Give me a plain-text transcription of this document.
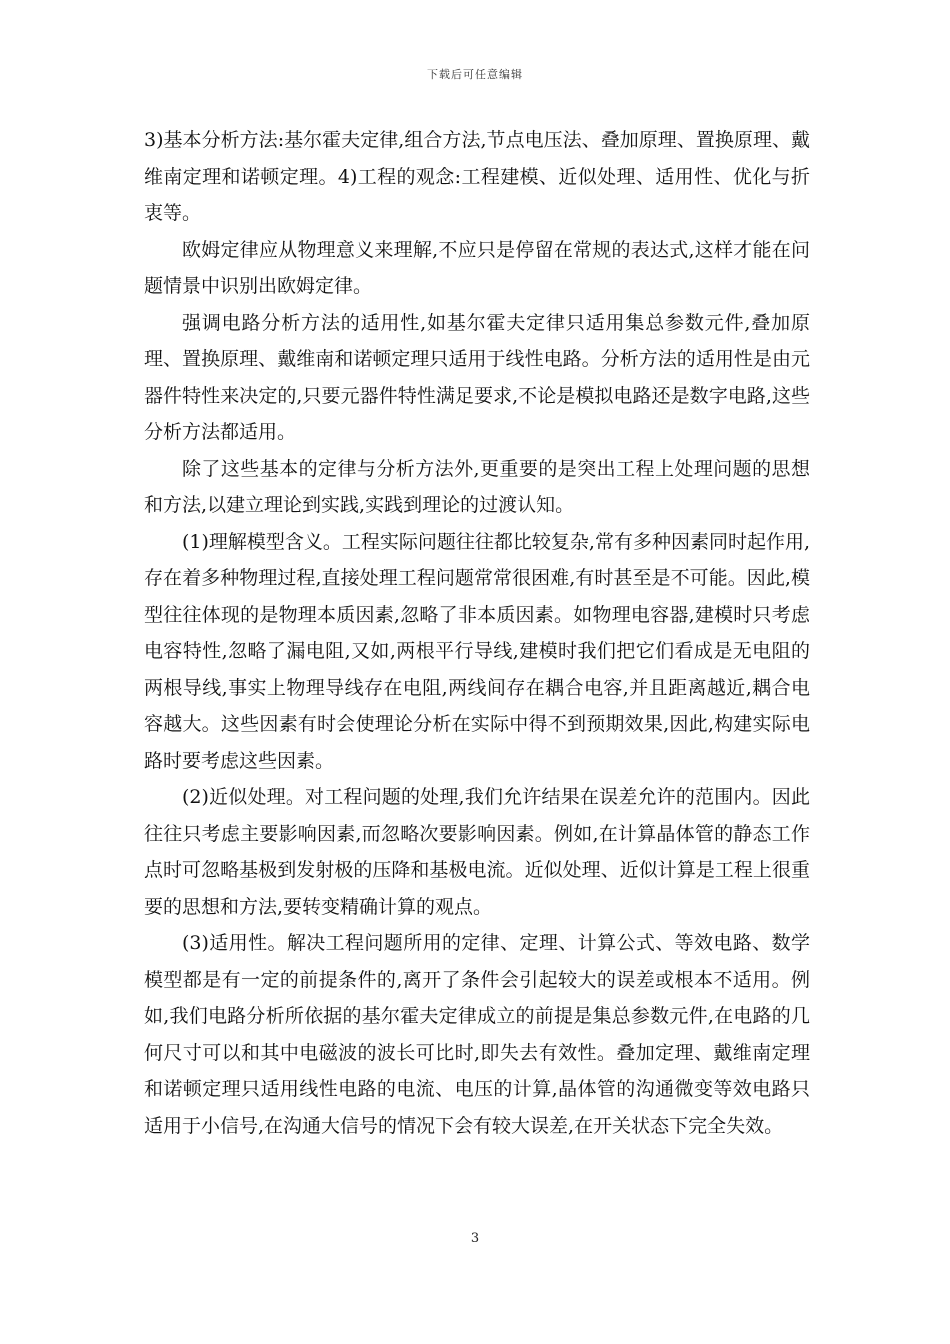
下载后可任意编辑

3)基本分析方法:基尔霍夫定律,组合方法,节点电压法、叠加原理、置换原理、戴维南定理和诺顿定理。4)工程的观念:工程建模、近似处理、适用性、优化与折衷等。

欧姆定律应从物理意义来理解,不应只是停留在常规的表达式,这样才能在问题情景中识别出欧姆定律。

强调电路分析方法的适用性,如基尔霍夫定律只适用集总参数元件,叠加原理、置换原理、戴维南和诺顿定理只适用于线性电路。分析方法的适用性是由元器件特性来决定的,只要元器件特性满足要求,不论是模拟电路还是数字电路,这些分析方法都适用。

除了这些基本的定律与分析方法外,更重要的是突出工程上处理问题的思想和方法,以建立理论到实践,实践到理论的过渡认知。

(1)理解模型含义。工程实际问题往往都比较复杂,常有多种因素同时起作用,存在着多种物理过程,直接处理工程问题常常很困难,有时甚至是不可能。因此,模型往往体现的是物理本质因素,忽略了非本质因素。如物理电容器,建模时只考虑电容特性,忽略了漏电阻,又如,两根平行导线,建模时我们把它们看成是无电阻的两根导线,事实上物理导线存在电阻,两线间存在耦合电容,并且距离越近,耦合电容越大。这些因素有时会使理论分析在实际中得不到预期效果,因此,构建实际电路时要考虑这些因素。

(2)近似处理。对工程问题的处理,我们允许结果在误差允许的范围内。因此往往只考虑主要影响因素,而忽略次要影响因素。例如,在计算晶体管的静态工作点时可忽略基极到发射极的压降和基极电流。近似处理、近似计算是工程上很重要的思想和方法,要转变精确计算的观点。

(3)适用性。解决工程问题所用的定律、定理、计算公式、等效电路、数学模型都是有一定的前提条件的,离开了条件会引起较大的误差或根本不适用。例如,我们电路分析所依据的基尔霍夫定律成立的前提是集总参数元件,在电路的几何尺寸可以和其中电磁波的波长可比时,即失去有效性。叠加定理、戴维南定理和诺顿定理只适用线性电路的电流、电压的计算,晶体管的沟通微变等效电路只适用于小信号,在沟通大信号的情况下会有较大误差,在开关状态下完全失效。

3
